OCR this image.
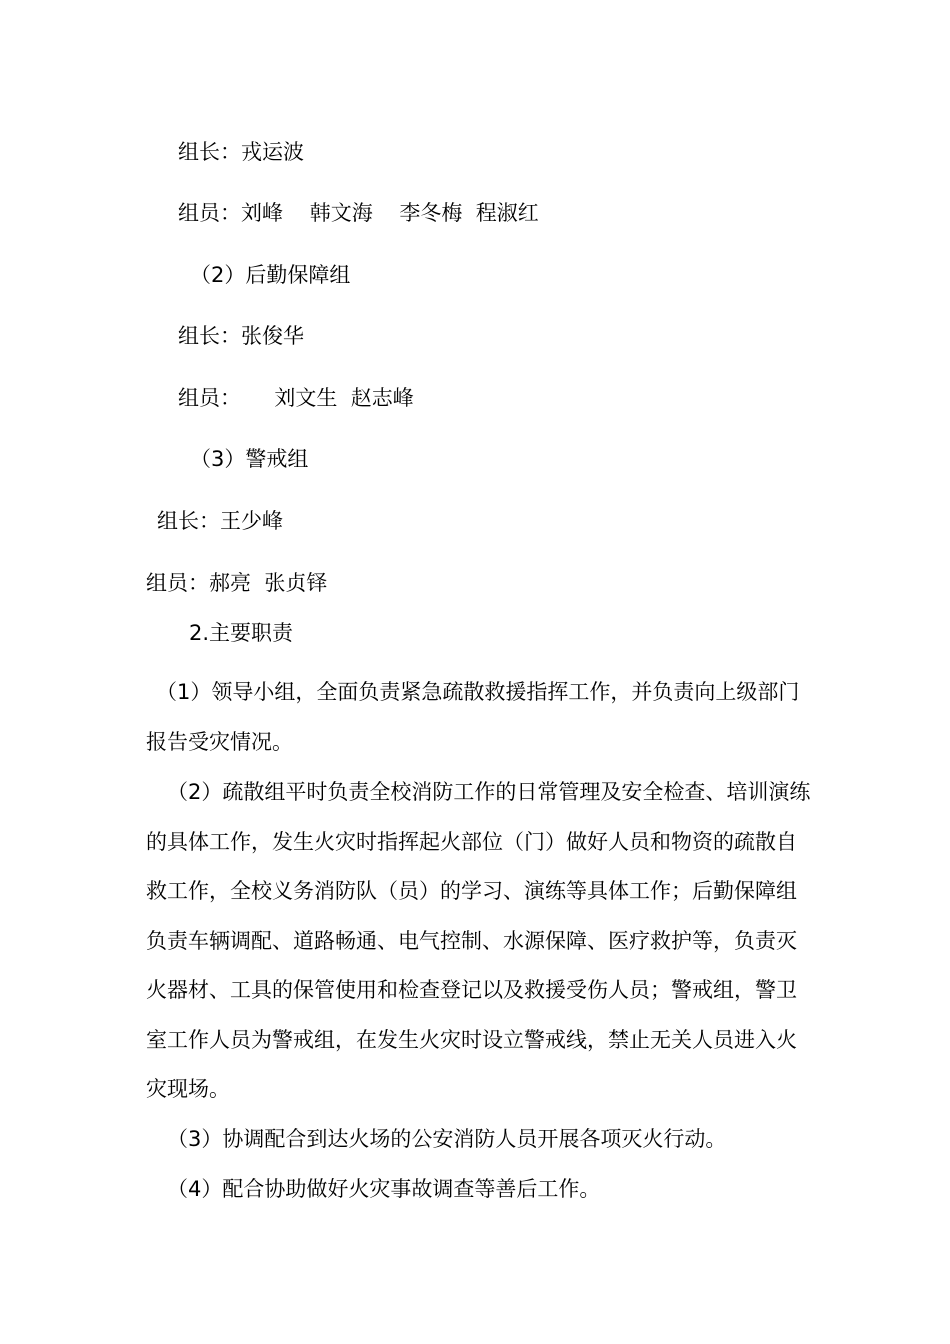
组长：戎运波

组员：刘峰    韩文海    李冬梅  程淑红

（2）后勤保障组

组长：张俊华

组员：     刘文生  赵志峰

（3）警戒组

组长：王少峰

组员：郝亮  张贞铎

2.主要职责

（1）领导小组，全面负责紧急疏散救援指挥工作，并负责向上级部门报告受灾情况。

（2）疏散组平时负责全校消防工作的日常管理及安全检查、培训演练的具体工作，发生火灾时指挥起火部位（门）做好人员和物资的疏散自救工作，全校义务消防队（员）的学习、演练等具体工作；后勤保障组负责车辆调配、道路畅通、电气控制、水源保障、医疗救护等，负责灭火器材、工具的保管使用和检查登记以及救援受伤人员；警戒组，警卫室工作人员为警戒组，在发生火灾时设立警戒线，禁止无关人员进入火灾现场。

（3）协调配合到达火场的公安消防人员开展各项灭火行动。

（4）配合协助做好火灾事故调查等善后工作。
